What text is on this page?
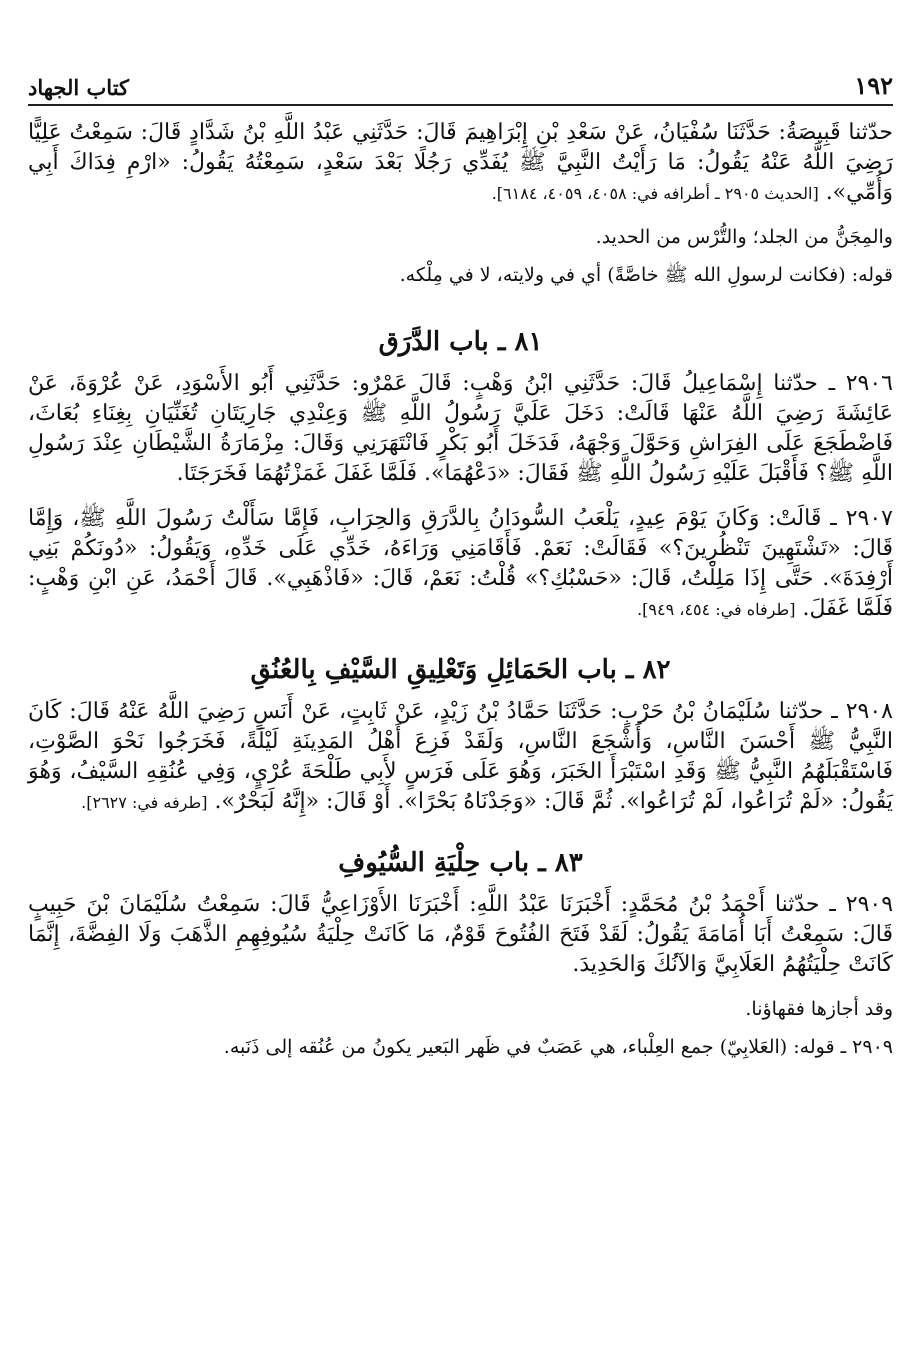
١٩٢
كتاب الجهاد

حدّثنا قَبِيصَةُ: حَدَّثَنَا سُفْيَانُ، عَنْ سَعْدِ بْنِ إِبْرَاهِيمَ قَالَ: حَدَّثَنِي عَبْدُ اللَّهِ بْنُ شَدَّادٍ قَالَ: سَمِعْتُ عَلِيًّا رَضِيَ اللَّهُ عَنْهُ يَقُولُ: مَا رَأَيْتُ النَّبِيَّ ﷺ يُفَدِّي رَجُلًا بَعْدَ سَعْدٍ، سَمِعْتُهُ يَقُولُ: «ارْمِ فِدَاكَ أَبِي وَأُمِّي». [الحديث ٢٩٠٥ ـ أطرافه في: ٤٠٥٨، ٤٠٥٩، ٦١٨٤].

والمِجَنُّ من الجلد؛ والتُّرْس من الحديد.

قوله: (فكانت لرسولِ الله ﷺ خاصَّةً) أي في ولايته، لا في مِلْكه.

٨١ ـ باب الدَّرَق

٢٩٠٦ ـ حدّثنا إِسْمَاعِيلُ قَالَ: حَدَّثَنِي ابْنُ وَهْبٍ: قَالَ عَمْرٌو: حَدَّثَنِي أَبُو الأَسْوَدِ، عَنْ عُرْوَةَ، عَنْ عَائِشَةَ رَضِيَ اللَّهُ عَنْهَا قَالَتْ: دَخَلَ عَلَيَّ رَسُولُ اللَّهِ ﷺ وَعِنْدِي جَارِيَتَانِ تُغَنِّيَانِ بِغِنَاءِ بُعَاثَ، فَاضْطَجَعَ عَلَى الفِرَاشِ وَحَوَّلَ وَجْهَهُ، فَدَخَلَ أَبُو بَكْرٍ فَانْتَهَرَنِي وَقَالَ: مِزْمَارَةُ الشَّيْطَانِ عِنْدَ رَسُولِ اللَّهِ ﷺ؟ فَأَقْبَلَ عَلَيْهِ رَسُولُ اللَّهِ ﷺ فَقَالَ: «دَعْهُمَا». فَلَمَّا غَفَلَ غَمَزْتُهُمَا فَخَرَجَتَا.

٢٩٠٧ ـ قَالَتْ: وَكَانَ يَوْمَ عِيدٍ، يَلْعَبُ السُّودَانُ بِالدَّرَقِ وَالحِرَابِ، فَإِمَّا سَأَلْتُ رَسُولَ اللَّهِ ﷺ، وَإِمَّا قَالَ: «تَشْتَهِينَ تَنْظُرِينَ؟» فَقَالَتْ: نَعَمْ. فَأَقَامَنِي وَرَاءَهُ، خَدِّي عَلَى خَدِّهِ، وَيَقُولُ: «دُونَكُمْ بَنِي أَرْفِدَةَ». حَتَّى إِذَا مَلِلْتُ، قَالَ: «حَسْبُكِ؟» قُلْتُ: نَعَمْ، قَالَ: «فَاذْهَبِي». قَالَ أَحْمَدُ، عَنِ ابْنِ وَهْبٍ: فَلَمَّا غَفَلَ. [طرفاه في: ٤٥٤، ٩٤٩].

٨٢ ـ باب الحَمَائِلِ وَتَعْلِيقِ السَّيْفِ بِالعُنُقِ

٢٩٠٨ ـ حدّثنا سُلَيْمَانُ بْنُ حَرْبٍ: حَدَّثَنَا حَمَّادُ بْنُ زَيْدٍ، عَنْ ثَابِتٍ، عَنْ أَنَسٍ رَضِيَ اللَّهُ عَنْهُ قَالَ: كَانَ النَّبِيُّ ﷺ أَحْسَنَ النَّاسِ، وَأَشْجَعَ النَّاسِ، وَلَقَدْ فَزِعَ أَهْلُ المَدِينَةِ لَيْلَةً، فَخَرَجُوا نَحْوَ الصَّوْتِ، فَاسْتَقْبَلَهُمُ النَّبِيُّ ﷺ وَقَدِ اسْتَبْرَأَ الخَبَرَ، وَهُوَ عَلَى فَرَسٍ لأَبِي طَلْحَةَ عُرْيٍ، وَفِي عُنُقِهِ السَّيْفُ، وَهُوَ يَقُولُ: «لَمْ تُرَاعُوا، لَمْ تُرَاعُوا». ثُمَّ قَالَ: «وَجَدْنَاهُ بَحْرًا». أَوْ قَالَ: «إِنَّهُ لَبَحْرٌ». [طرفه في: ٢٦٢٧].

٨٣ ـ باب حِلْيَةِ السُّيُوفِ

٢٩٠٩ ـ حدّثنا أَحْمَدُ بْنُ مُحَمَّدٍ: أَخْبَرَنَا عَبْدُ اللَّهِ: أَخْبَرَنَا الأَوْزَاعِيُّ قَالَ: سَمِعْتُ سُلَيْمَانَ بْنَ حَبِيبٍ قَالَ: سَمِعْتُ أَبَا أُمَامَةَ يَقُولُ: لَقَدْ فَتَحَ الفُتُوحَ قَوْمٌ، مَا كَانَتْ حِلْيَةُ سُيُوفِهِمِ الذَّهَبَ وَلَا الفِضَّةَ، إِنَّمَا كَانَتْ حِلْيَتُهُمُ العَلَابِيَّ وَالآنُكَ وَالحَدِيدَ.

وقد أجازها فقهاؤنا.

٢٩٠٩ ـ قوله: (العَلابِيّ) جمع العِلْباء، هي عَصَبٌ في ظَهر البَعير يكونُ من عُنُقه إلى ذَنَبه.
